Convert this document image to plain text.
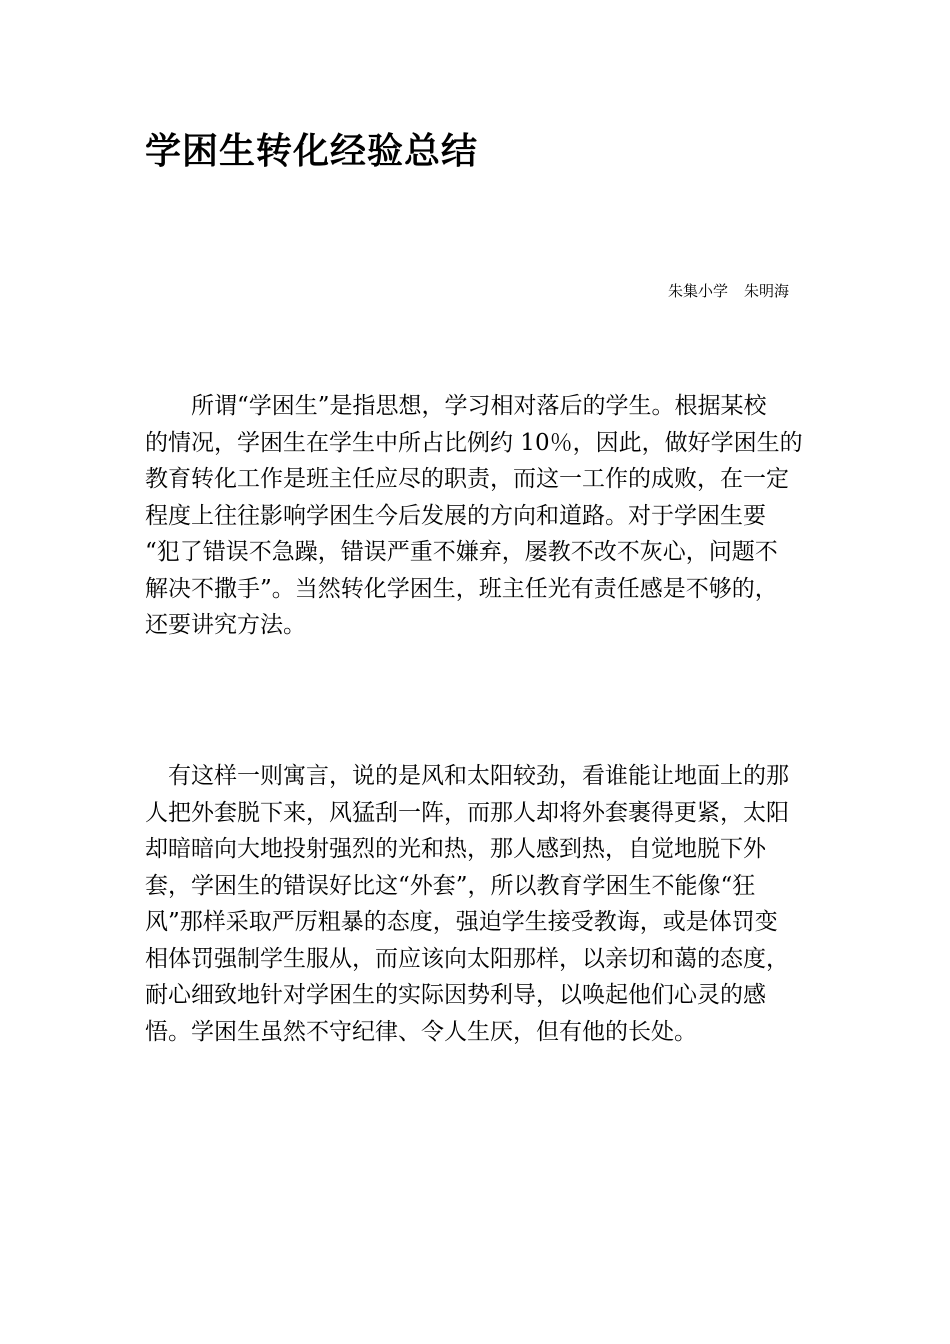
学困生转化经验总结
朱集小学 朱明海
　　所谓“学困生”是指思想，学习相对落后的学生。根据某校
的情况，学困生在学生中所占比例约 10％，因此，做好学困生的
教育转化工作是班主任应尽的职责，而这一工作的成败，在一定
程度上往往影响学困生今后发展的方向和道路。对于学困生要
“犯了错误不急躁，错误严重不嫌弃，屡教不改不灰心，问题不
解决不撒手”。当然转化学困生，班主任光有责任感是不够的，
还要讲究方法。
　有这样一则寓言，说的是风和太阳较劲，看谁能让地面上的那
人把外套脱下来，风猛刮一阵，而那人却将外套裹得更紧，太阳
却暗暗向大地投射强烈的光和热，那人感到热，自觉地脱下外
套，学困生的错误好比这“外套”，所以教育学困生不能像“狂
风”那样采取严厉粗暴的态度，强迫学生接受教诲，或是体罚变
相体罚强制学生服从，而应该向太阳那样，以亲切和蔼的态度，
耐心细致地针对学困生的实际因势利导，以唤起他们心灵的感
悟。学困生虽然不守纪律、令人生厌，但有他的长处。
